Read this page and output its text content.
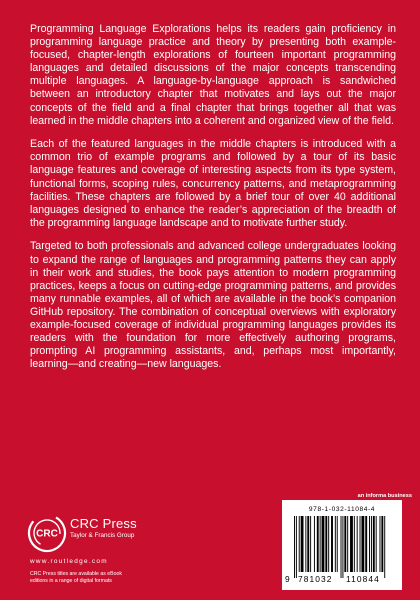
Programming Language Explorations helps its readers gain proficiency in programming language practice and theory by presenting both example-focused, chapter-length explorations of fourteen important programming languages and detailed discussions of the major concepts transcending multiple languages. A language-by-language approach is sandwiched between an introductory chapter that motivates and lays out the major concepts of the field and a final chapter that brings together all that was learned in the middle chapters into a coherent and organized view of the field.

Each of the featured languages in the middle chapters is introduced with a common trio of example programs and followed by a tour of its basic language features and coverage of interesting aspects from its type system, functional forms, scoping rules, concurrency patterns, and metaprogramming facilities. These chapters are followed by a brief tour of over 40 additional languages designed to enhance the reader’s appreciation of the breadth of the programming language landscape and to motivate further study.

Targeted to both professionals and advanced college undergraduates looking to expand the range of languages and programming patterns they can apply in their work and studies, the book pays attention to modern programming practices, keeps a focus on cutting-edge programming patterns, and provides many runnable examples, all of which are available in the book’s companion GitHub repository. The combination of conceptual overviews with exploratory example-focused coverage of individual programming languages provides its readers with the foundation for more effectively authoring programs, prompting AI programming assistants, and, perhaps most importantly, learning—and creating—new languages.

an informa business
CRC
CRC Press
Taylor & Francis Group
www.routledge.com
CRC Press titles are available as eBook editions in a range of digital formats
978-1-032-11084-4
9 781032 110844
